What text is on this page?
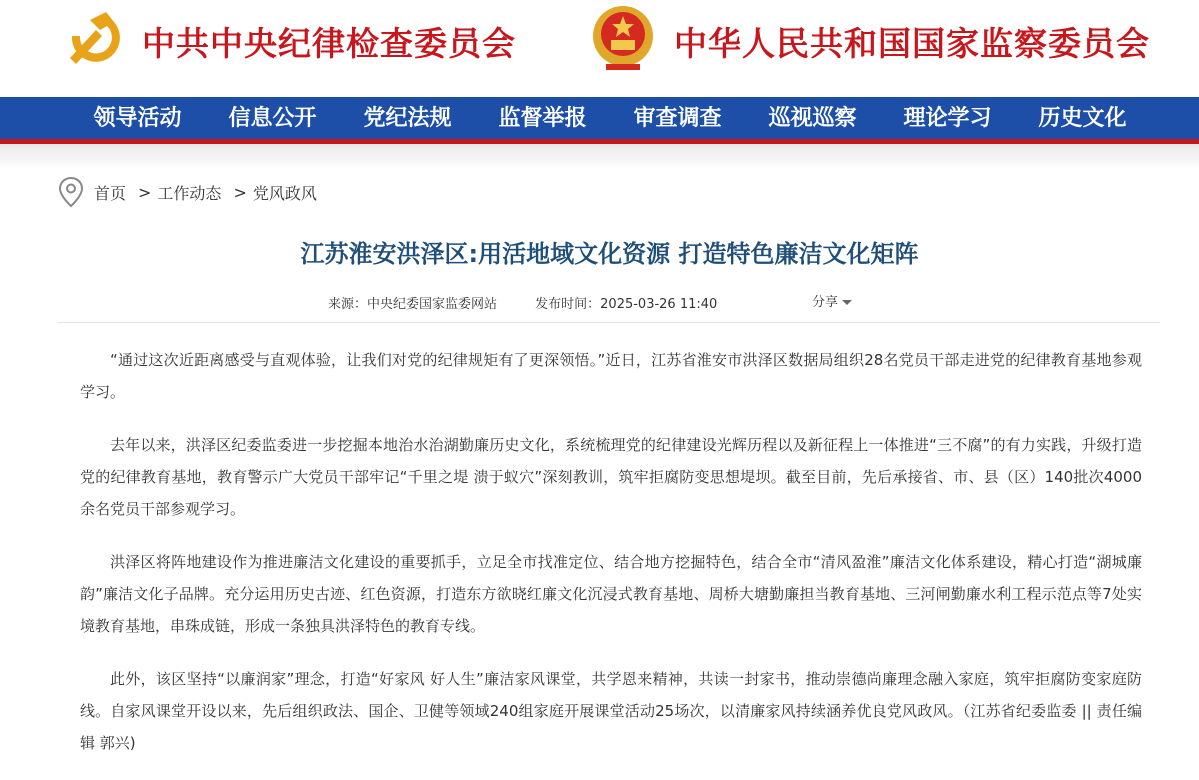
中共中央纪律检查委员会	中华人民共和国国家监察委员会
领导活动	信息公开	党纪法规	监督举报	审查调查	巡视巡察	理论学习	历史文化
首页 > 工作动态 > 党风政风
江苏淮安洪泽区:用活地域文化资源 打造特色廉洁文化矩阵
来源：中央纪委国家监委网站	发布时间：2025-03-26 11:40	分享

“通过这次近距离感受与直观体验，让我们对党的纪律规矩有了更深领悟。”近日，江苏省淮安市洪泽区数据局组织28名党员干部走进党的纪律教育基地参观学习。

去年以来，洪泽区纪委监委进一步挖掘本地治水治湖勤廉历史文化，系统梳理党的纪律建设光辉历程以及新征程上一体推进“三不腐”的有力实践，升级打造党的纪律教育基地，教育警示广大党员干部牢记“千里之堤 溃于蚁穴”深刻教训，筑牢拒腐防变思想堤坝。截至目前，先后承接省、市、县（区）140批次4000余名党员干部参观学习。

洪泽区将阵地建设作为推进廉洁文化建设的重要抓手，立足全市找准定位、结合地方挖掘特色，结合全市“清风盈淮”廉洁文化体系建设，精心打造“湖城廉韵”廉洁文化子品牌。充分运用历史古迹、红色资源，打造东方欲晓红廉文化沉浸式教育基地、周桥大塘勤廉担当教育基地、三河闸勤廉水利工程示范点等7处实境教育基地，串珠成链，形成一条独具洪泽特色的教育专线。

此外，该区坚持“以廉润家”理念，打造“好家风 好人生”廉洁家风课堂，共学恩来精神，共读一封家书，推动崇德尚廉理念融入家庭，筑牢拒腐防变家庭防线。自家风课堂开设以来，先后组织政法、国企、卫健等领域240组家庭开展课堂活动25场次，以清廉家风持续涵养优良党风政风。（江苏省纪委监委 || 责任编辑 郭兴)
